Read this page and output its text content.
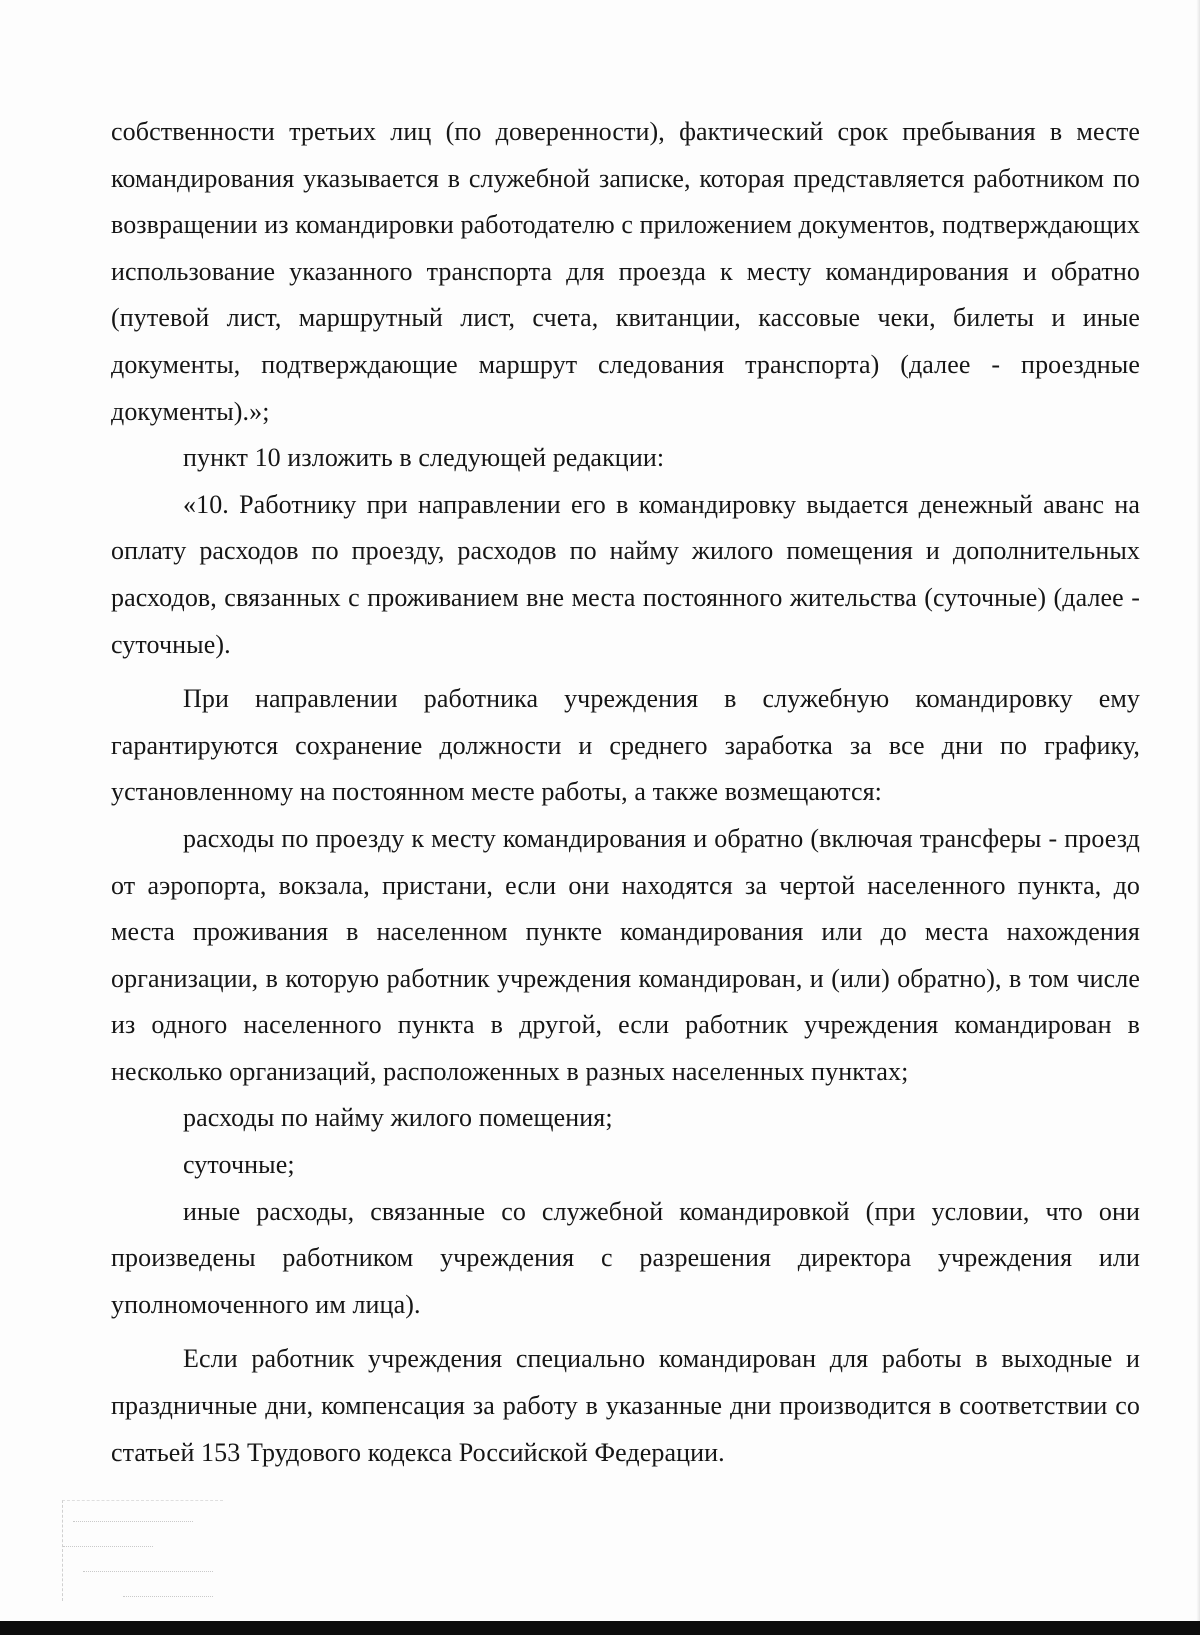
собственности третьих лиц (по доверенности), фактический срок пребывания в месте командирования указывается в служебной записке, которая представляется работником по возвращении из командировки работодателю с приложением документов, подтверждающих использование указанного транспорта для проезда к месту командирования и обратно (путевой лист, маршрутный лист, счета, квитанции, кассовые чеки, билеты и иные документы, подтверждающие маршрут следования транспорта) (далее - проездные документы).»;

пункт 10 изложить в следующей редакции:

«10. Работнику при направлении его в командировку выдается денежный аванс на оплату расходов по проезду, расходов по найму жилого помещения и дополнительных расходов, связанных с проживанием вне места постоянного жительства (суточные) (далее - суточные).

При направлении работника учреждения в служебную командировку ему гарантируются сохранение должности и среднего заработка за все дни по графику, установленному на постоянном месте работы, а также возмещаются:

расходы по проезду к месту командирования и обратно (включая трансферы - проезд от аэропорта, вокзала, пристани, если они находятся за чертой населенного пункта, до места проживания в населенном пункте командирования или до места нахождения организации, в которую работник учреждения командирован, и (или) обратно), в том числе из одного населенного пункта в другой, если работник учреждения командирован в несколько организаций, расположенных в разных населенных пунктах;

расходы по найму жилого помещения;

суточные;

иные расходы, связанные со служебной командировкой (при условии, что они произведены работником учреждения с разрешения директора учреждения или уполномоченного им лица).

Если работник учреждения специально командирован для работы в выходные и праздничные дни, компенсация за работу в указанные дни производится в соответствии со статьей 153 Трудового кодекса Российской Федерации.
